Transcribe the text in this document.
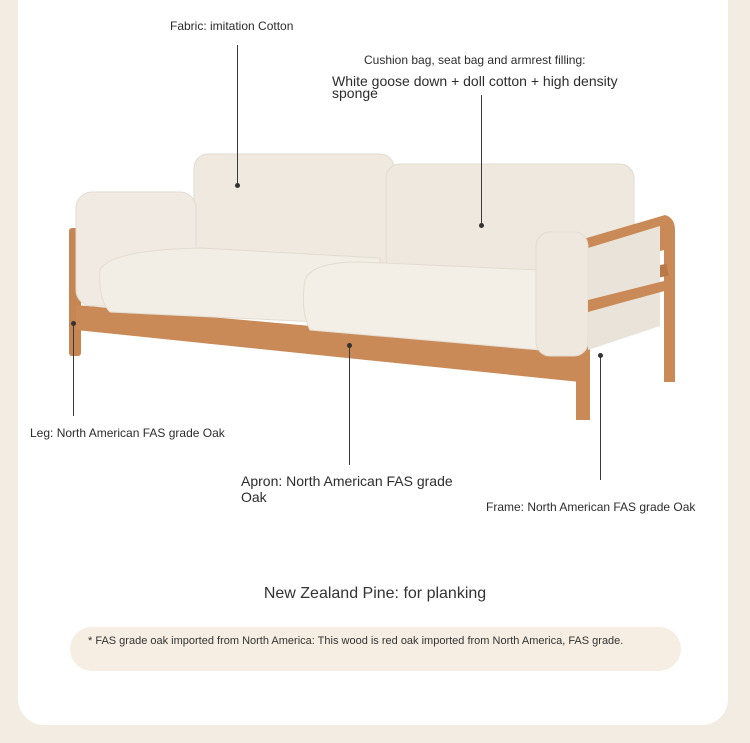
Fabric: imitation Cotton
Cushion bag, seat bag and armrest filling:
White goose down + doll cotton + high density sponge
Leg: North American FAS grade Oak
Apron: North American FAS grade Oak
Frame: North American FAS grade Oak
New Zealand Pine: for planking
* FAS grade oak imported from North America: This wood is red oak imported from North America, FAS grade.
